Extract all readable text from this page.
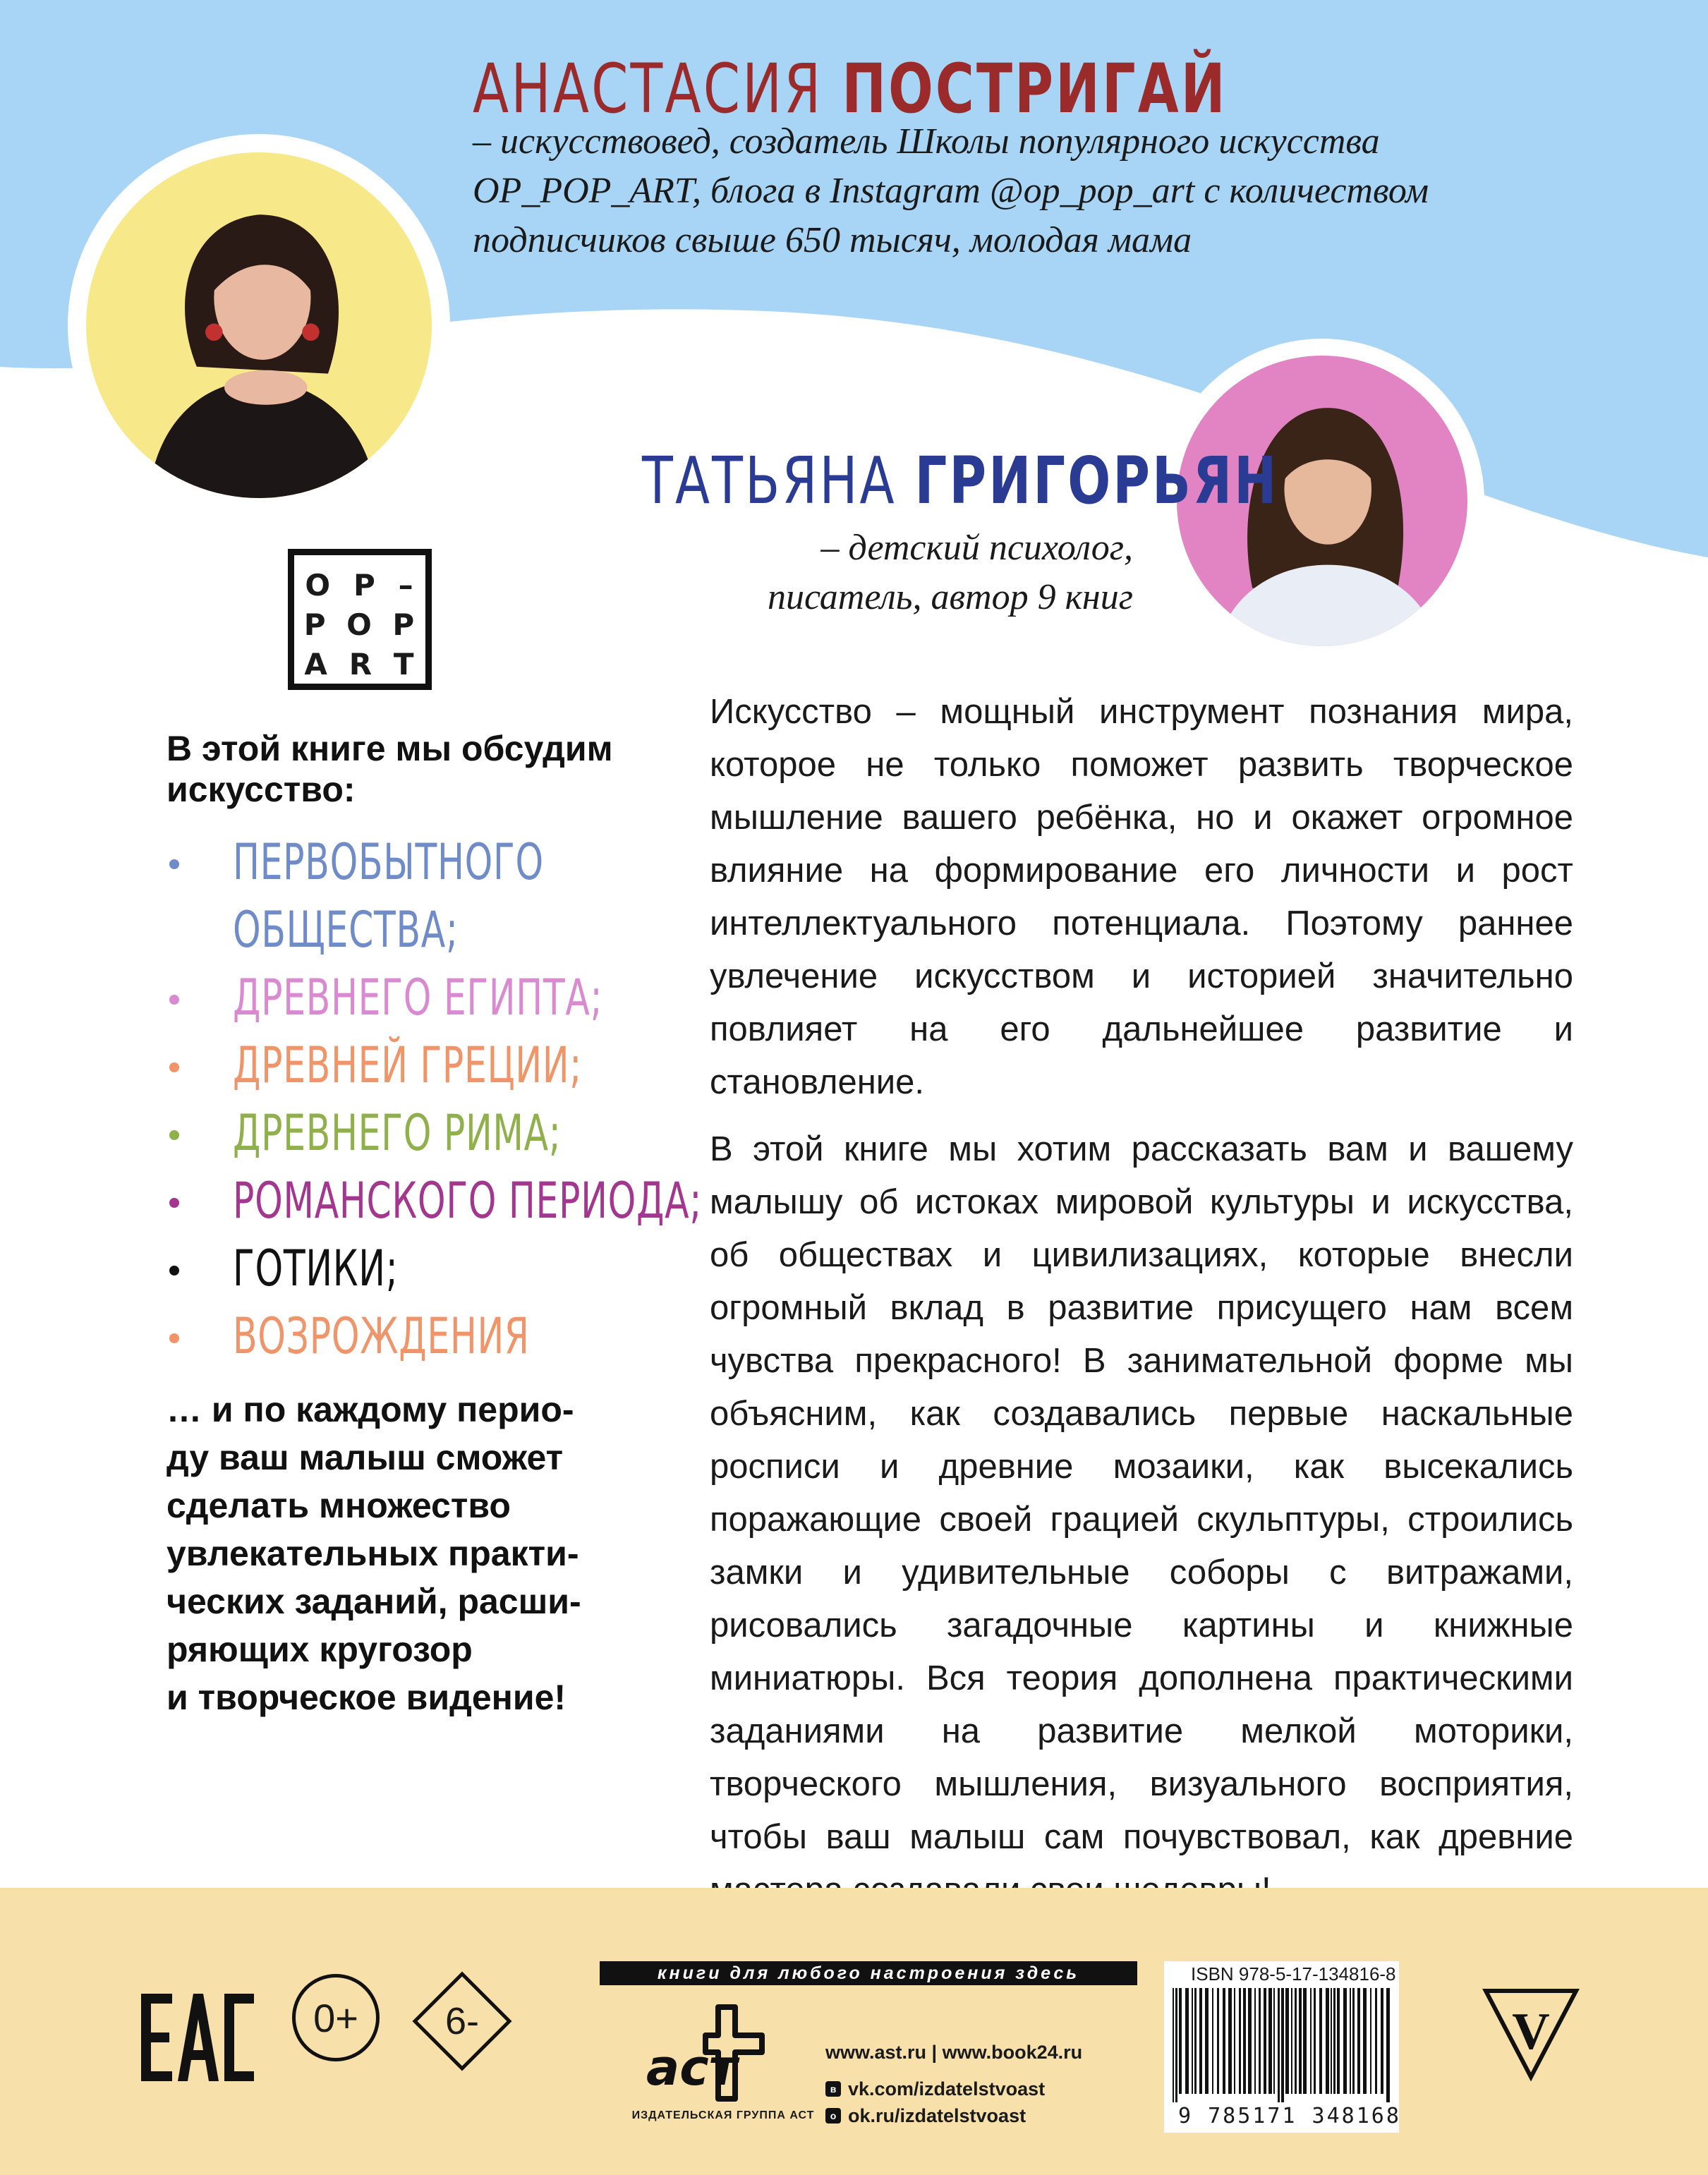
АНАСТАСИЯ ПОСТРИГАЙ
– искусствовед, создатель Школы популярного искусства
OP_POP_ART, блога в Instagram @op_pop_art с количеством
подписчиков свыше 650 тысяч, молодая мама
ТАТЬЯНА ГРИГОРЬЯН
– детский психолог,
писатель, автор 9 книг
O P –
P O P
A R T
В этой книге мы обсудим искусство:
ПЕРВОБЫТНОГО
ОБЩЕСТВА;
ДРЕВНЕГО ЕГИПТА;
ДРЕВНЕЙ ГРЕЦИИ;
ДРЕВНЕГО РИМА;
РОМАНСКОГО ПЕРИОДА;
ГОТИКИ;
ВОЗРОЖДЕНИЯ
… и по каждому перио-
ду ваш малыш сможет
сделать множество
увлекательных практи-
ческих заданий, расши-
ряющих кругозор
и творческое видение!

Искусство – мощный инструмент познания мира, которое не только поможет развить творческое мышление вашего ребёнка, но и окажет огромное влияние на формирование его личности и рост интеллектуального потенциала. Поэтому раннее увлечение искусством и историей значительно повлияет на его дальнейшее развитие и становление.

В этой книге мы хотим рассказать вам и вашему малышу об истоках мировой культуры и искусства, об обществах и цивилизациях, которые внесли огромный вклад в развитие присущего нам всем чувства прекрасного! В занимательной форме мы объясним, как создавались первые наскальные росписи и древние мозаики, как высекались поражающие своей грацией скульптуры, строились замки и удивительные соборы с витражами, рисовались загадочные картины и книжные миниатюры. Вся теория дополнена практическими заданиями на развитие мелкой моторики, творческого мышления, визуального восприятия, чтобы ваш малыш сам почувствовал, как древние

0+	6-
книги для любого настроения здесь
аст
ИЗДАТЕЛЬСКАЯ ГРУППА АСТ
www.ast.ru | www.book24.ru
в vk.com/izdatelstvoast
о ok.ru/izdatelstvoast
ISBN 978-5-17-134816-8
9 785171 348168
V
